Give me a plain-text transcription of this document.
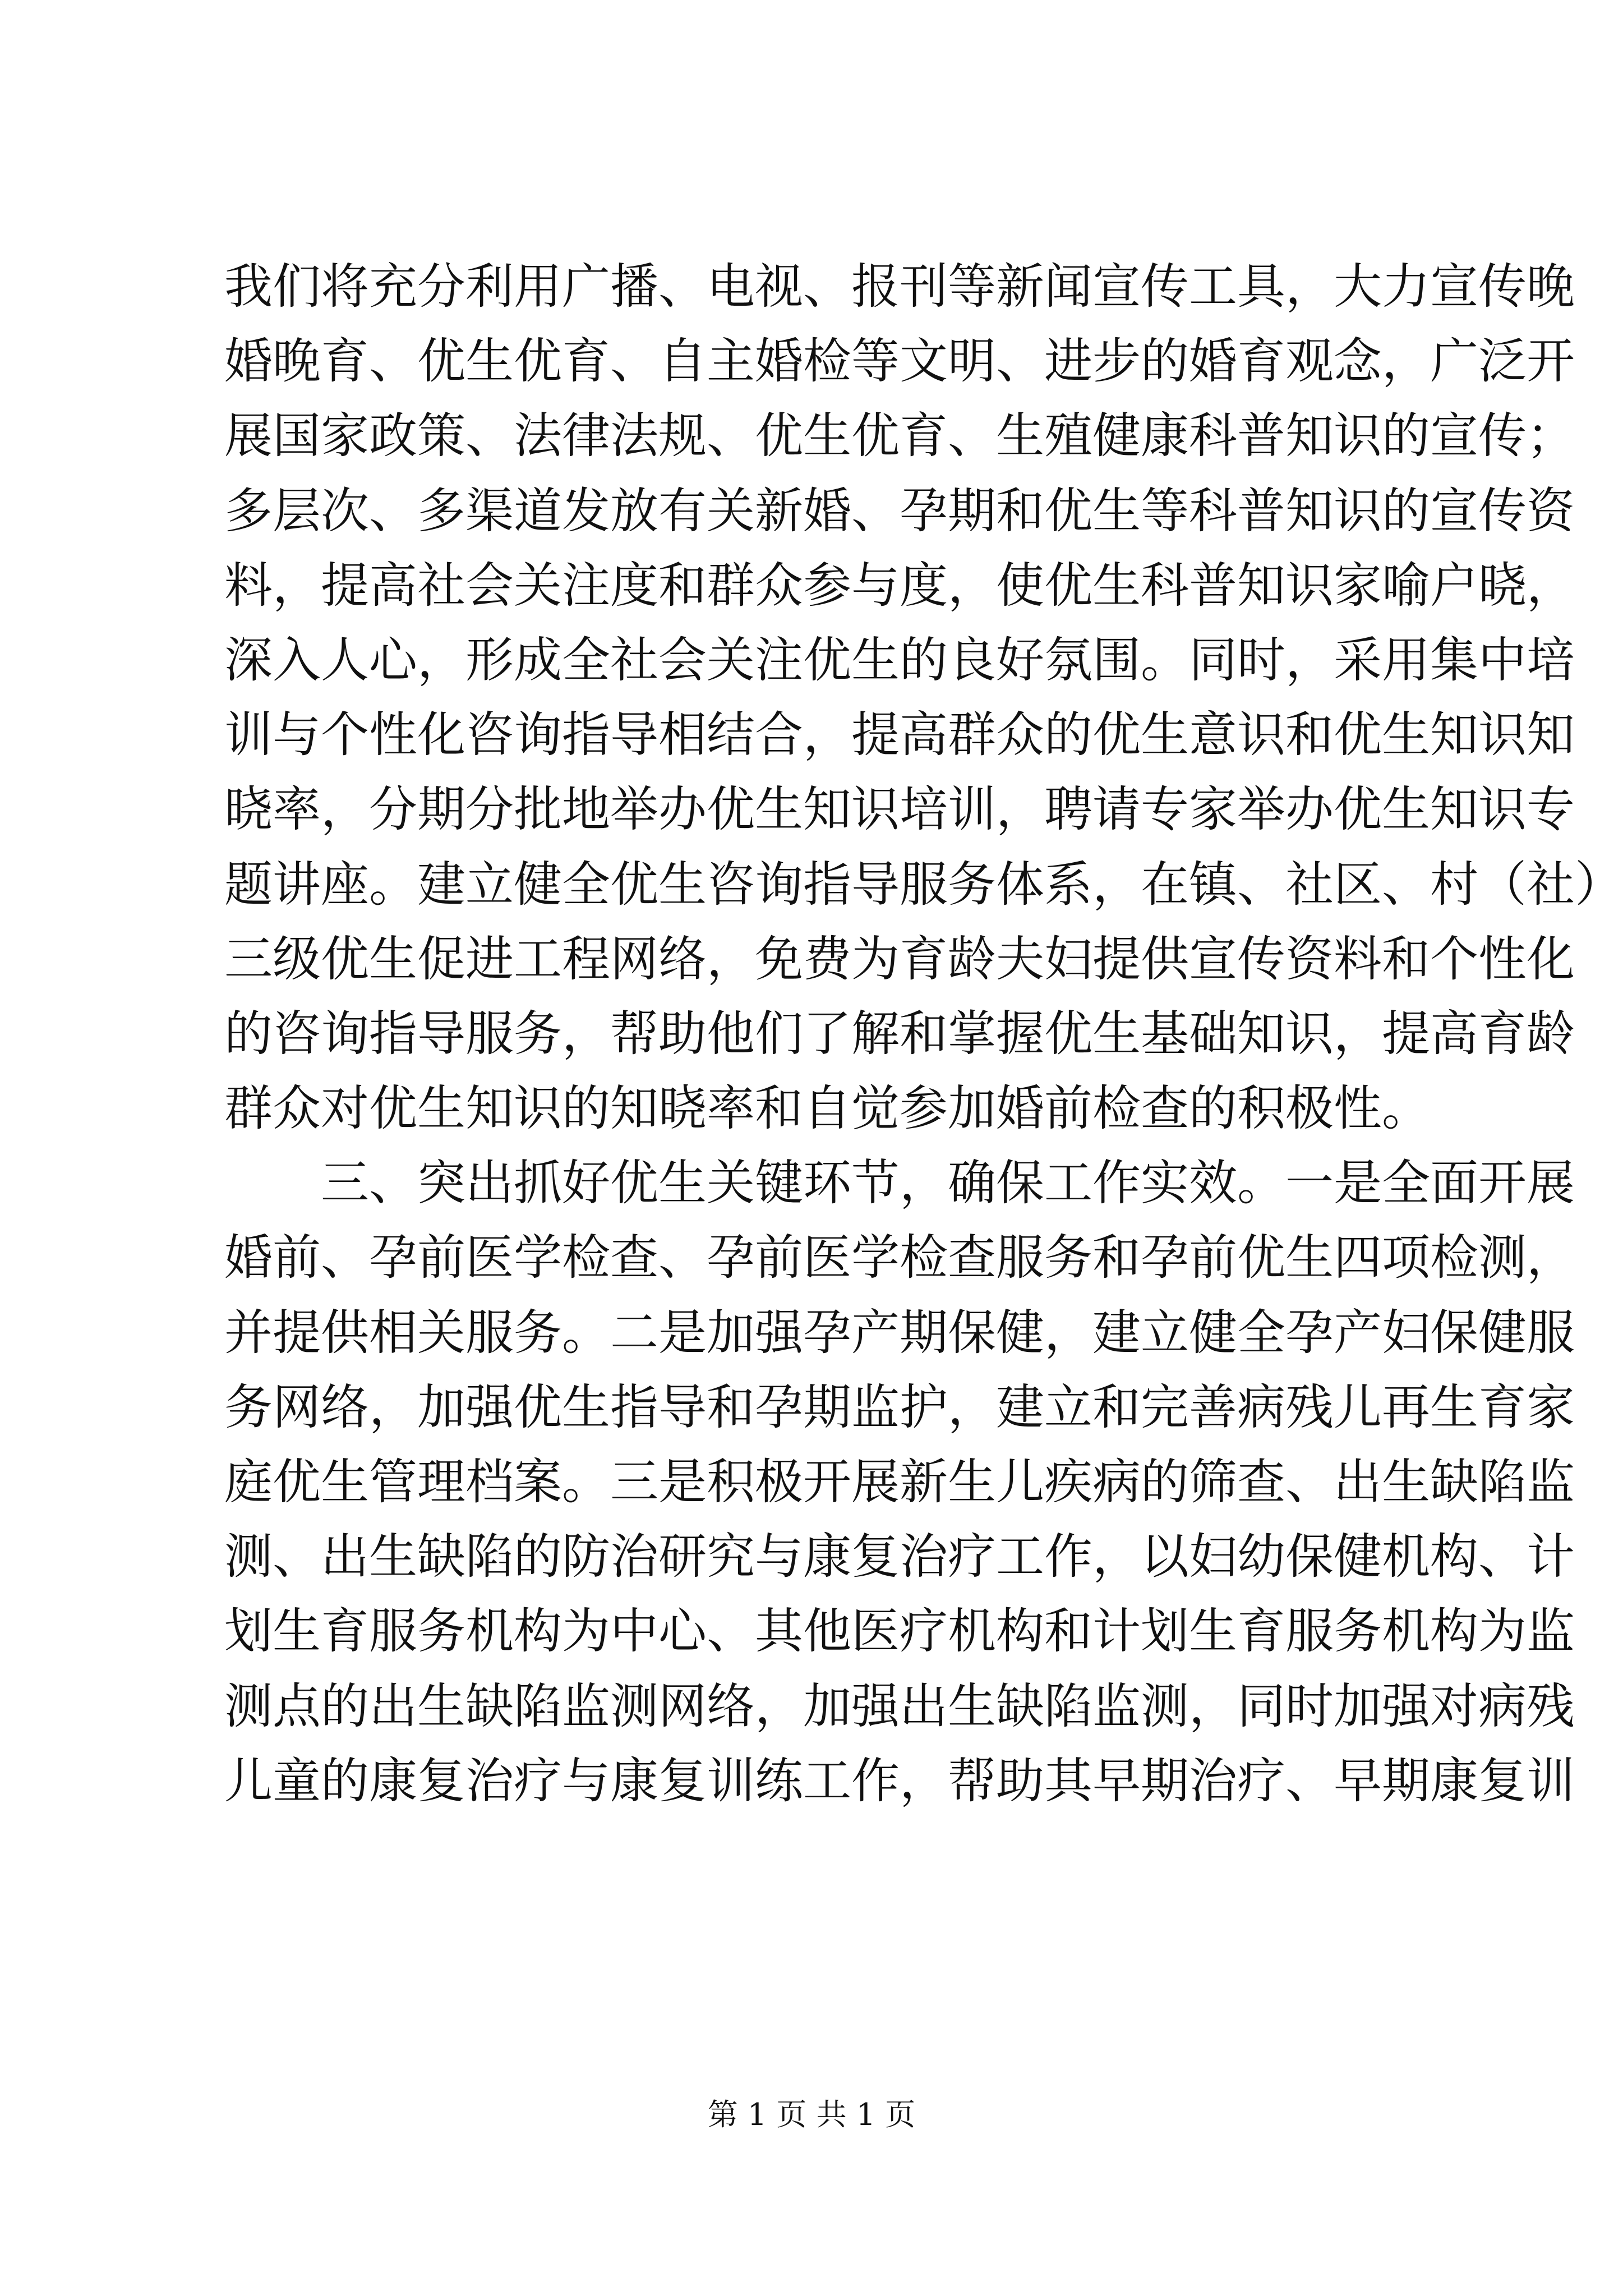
我们将充分利用广播、电视、报刊等新闻宣传工具，大力宣传晚
婚晚育、优生优育、自主婚检等文明、进步的婚育观念，广泛开
展国家政策、法律法规、优生优育、生殖健康科普知识的宣传；
多层次、多渠道发放有关新婚、孕期和优生等科普知识的宣传资
料，提高社会关注度和群众参与度，使优生科普知识家喻户晓，
深入人心，形成全社会关注优生的良好氛围。同时，采用集中培
训与个性化咨询指导相结合，提高群众的优生意识和优生知识知
晓率，分期分批地举办优生知识培训，聘请专家举办优生知识专
题讲座。建立健全优生咨询指导服务体系，在镇、社区、村（社）
三级优生促进工程网络，免费为育龄夫妇提供宣传资料和个性化
的咨询指导服务，帮助他们了解和掌握优生基础知识，提高育龄
群众对优生知识的知晓率和自觉参加婚前检查的积极性。
三、突出抓好优生关键环节，确保工作实效。一是全面开展
婚前、孕前医学检查、孕前医学检查服务和孕前优生四项检测，
并提供相关服务。二是加强孕产期保健，建立健全孕产妇保健服
务网络，加强优生指导和孕期监护，建立和完善病残儿再生育家
庭优生管理档案。三是积极开展新生儿疾病的筛查、出生缺陷监
测、出生缺陷的防治研究与康复治疗工作，以妇幼保健机构、计
划生育服务机构为中心、其他医疗机构和计划生育服务机构为监
测点的出生缺陷监测网络，加强出生缺陷监测，同时加强对病残
儿童的康复治疗与康复训练工作，帮助其早期治疗、早期康复训
第 1 页 共 1 页
